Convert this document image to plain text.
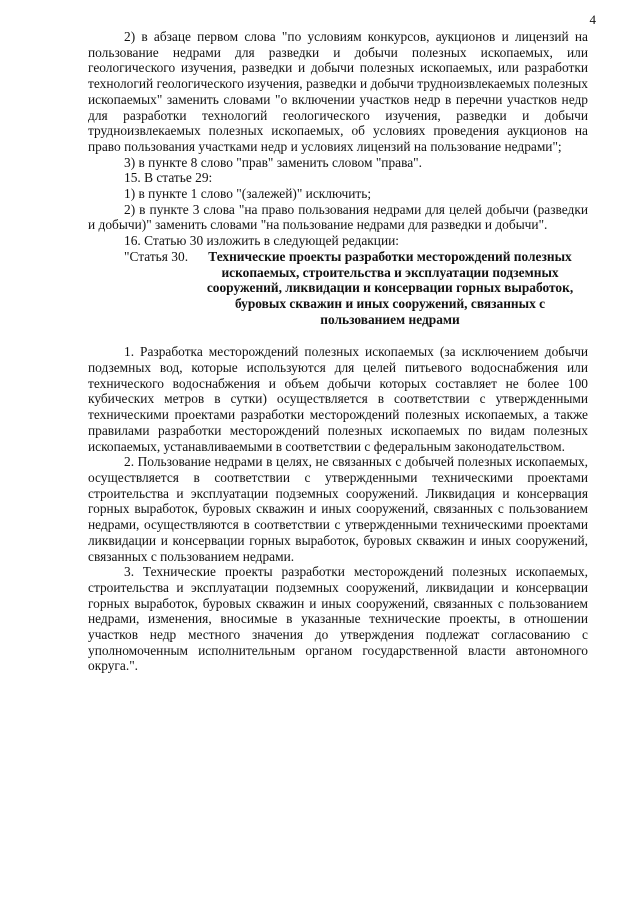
4

2) в абзаце первом слова "по условиям конкурсов, аукционов и лицензий на пользование недрами для разведки и добычи полезных ископаемых, или геологического изучения, разведки и добычи полезных ископаемых, или разработки технологий геологического изучения, разведки и добычи трудноизвлекаемых полезных ископаемых" заменить словами "о включении участков недр в перечни участков недр для разработки технологий геологического изучения, разведки и добычи трудноизвлекаемых полезных ископаемых, об условиях проведения аукционов на право пользования участками недр и условиях лицензий на пользование недрами";

3) в пункте 8 слово "прав" заменить словом "права".

15. В статье 29:

1) в пункте 1 слово "(залежей)" исключить;

2) в пункте 3 слова "на право пользования недрами для целей добычи (разведки и добычи)" заменить словами "на пользование недрами для разведки и добычи".

16. Статью 30 изложить в следующей редакции:

"Статья 30.	Технические проекты разработки месторождений полезных ископаемых, строительства и эксплуатации подземных сооружений, ликвидации и консервации горных выработок, буровых скважин и иных сооружений, связанных с пользованием недрами

1. Разработка месторождений полезных ископаемых (за исключением добычи подземных вод, которые используются для целей питьевого водоснабжения или технического водоснабжения и объем добычи которых составляет не более 100 кубических метров в сутки) осуществляется в соответствии с утвержденными техническими проектами разработки месторождений полезных ископаемых, а также правилами разработки месторождений полезных ископаемых по видам полезных ископаемых, устанавливаемыми в соответствии с федеральным законодательством.

2. Пользование недрами в целях, не связанных с добычей полезных ископаемых, осуществляется в соответствии с утвержденными техническими проектами строительства и эксплуатации подземных сооружений. Ликвидация и консервация горных выработок, буровых скважин и иных сооружений, связанных с пользованием недрами, осуществляются в соответствии с утвержденными техническими проектами ликвидации и консервации горных выработок, буровых скважин и иных сооружений, связанных с пользованием недрами.

3. Технические проекты разработки месторождений полезных ископаемых, строительства и эксплуатации подземных сооружений, ликвидации и консервации горных выработок, буровых скважин и иных сооружений, связанных с пользованием недрами, изменения, вносимые в указанные технические проекты, в отношении участков недр местного значения до утверждения подлежат согласованию с уполномоченным исполнительным органом государственной власти автономного округа.".
